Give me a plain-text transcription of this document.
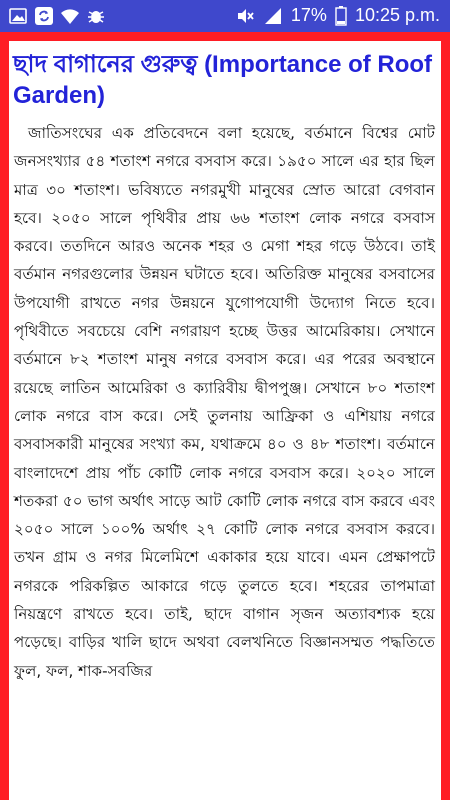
17% 10:25 p.m.
ছাদ বাগানের গুরুত্ব (Importance of Roof Garden)
জাতিসংঘের এক প্রতিবেদনে বলা হয়েছে, বর্তমানে বিশ্বের মোট জনসংখ্যার ৫৪ শতাংশ নগরে বসবাস করে। ১৯৫০ সালে এর হার ছিল মাত্র ৩০ শতাংশ। ভবিষ্যতে নগরমুখী মানুষের স্রোত আরো বেগবান হবে। ২০৫০ সালে পৃথিবীর প্রায় ৬৬ শতাংশ লোক নগরে বসবাস করবে। ততদিনে আরও অনেক শহর ও মেগা শহর গড়ে উঠবে। তাই বর্তমান নগরগুলোর উন্নয়ন ঘটাতে হবে। অতিরিক্ত মানুষের বসবাসের উপযোগী রাখতে নগর উন্নয়নে যুগোপযোগী উদ্যোগ নিতে হবে। পৃথিবীতে সবচেয়ে বেশি নগরায়ণ হচ্ছে উত্তর আমেরিকায়। সেখানে বর্তমানে ৮২ শতাংশ মানুষ নগরে বসবাস করে। এর পরের অবস্থানে রয়েছে লাতিন আমেরিকা ও ক্যারিবীয় দ্বীপপুঞ্জ। সেখানে ৮০ শতাংশ লোক নগরে বাস করে। সেই তুলনায় আফ্রিকা ও এশিয়ায় নগরে বসবাসকারী মানুষের সংখ্যা কম, যথাক্রমে ৪০ ও ৪৮ শতাংশ। বর্তমানে বাংলাদেশে প্রায় পাঁচ কোটি লোক নগরে বসবাস করে। ২০২০ সালে শতকরা ৫০ ভাগ অর্থাৎ সাড়ে আট কোটি লোক নগরে বাস করবে এবং ২০৫০ সালে ১০০% অর্থাৎ ২৭ কোটি লোক নগরে বসবাস করবে। তখন গ্রাম ও নগর মিলেমিশে একাকার হয়ে যাবে। এমন প্রেক্ষাপটে নগরকে পরিকল্পিত আকারে গড়ে তুলতে হবে। শহরের তাপমাত্রা নিয়ন্ত্রণে রাখতে হবে। তাই, ছাদে বাগান সৃজন অত্যাবশ্যক হয়ে পড়েছে। বাড়ির খালি ছাদে অথবা বেলখনিতে বিজ্ঞানসম্মত পদ্ধতিতে ফুল, ফল, শাক-সবজির
